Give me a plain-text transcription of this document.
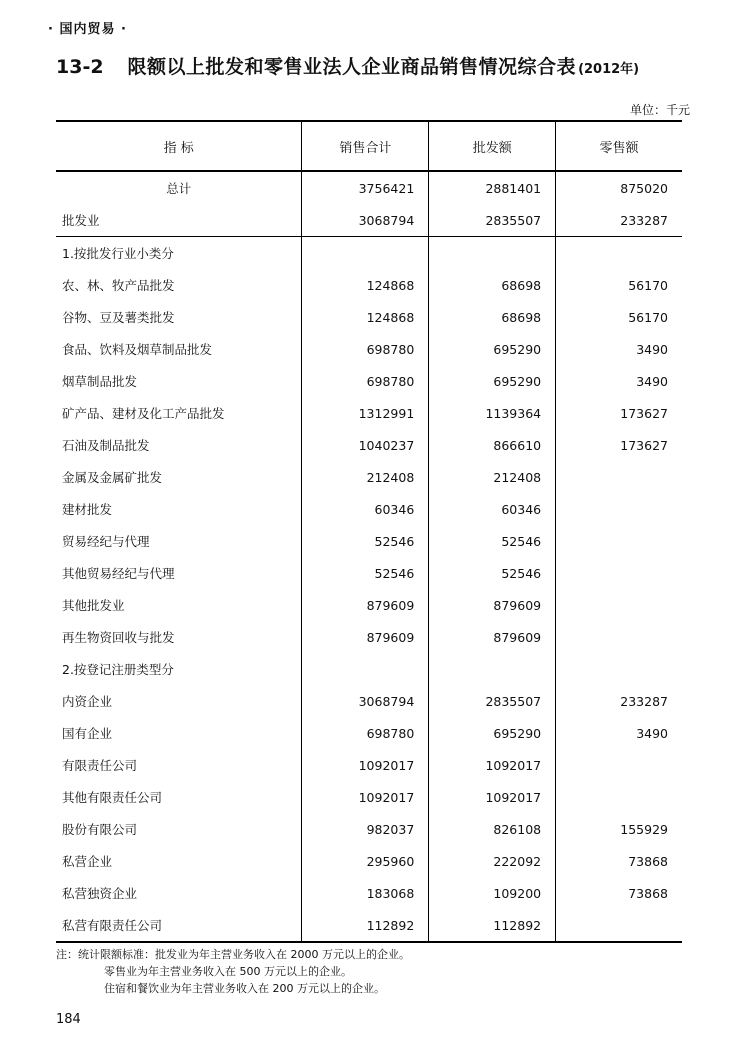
· 国内贸易 ·
13-2 限额以上批发和零售业法人企业商品销售情况综合表 (2012年)
单位：千元
指 标	销售合计	批发额	零售额
总计	3756421	2881401	875020
批发业	3068794	2835507	233287
1.按批发行业小类分			
农、林、牧产品批发	124868	68698	56170
谷物、豆及薯类批发	124868	68698	56170
食品、饮料及烟草制品批发	698780	695290	3490
烟草制品批发	698780	695290	3490
矿产品、建材及化工产品批发	1312991	1139364	173627
石油及制品批发	1040237	866610	173627
金属及金属矿批发	212408	212408	
建材批发	60346	60346	
贸易经纪与代理	52546	52546	
其他贸易经纪与代理	52546	52546	
其他批发业	879609	879609	
再生物资回收与批发	879609	879609	
2.按登记注册类型分			
内资企业	3068794	2835507	233287
国有企业	698780	695290	3490
有限责任公司	1092017	1092017	
其他有限责任公司	1092017	1092017	
股份有限公司	982037	826108	155929
私营企业	295960	222092	73868
私营独资企业	183068	109200	73868
私营有限责任公司	112892	112892	
注：统计限额标准：批发业为年主营业务收入在 2000 万元以上的企业。
零售业为年主营业务收入在 500 万元以上的企业。
住宿和餐饮业为年主营业务收入在 200 万元以上的企业。
184
